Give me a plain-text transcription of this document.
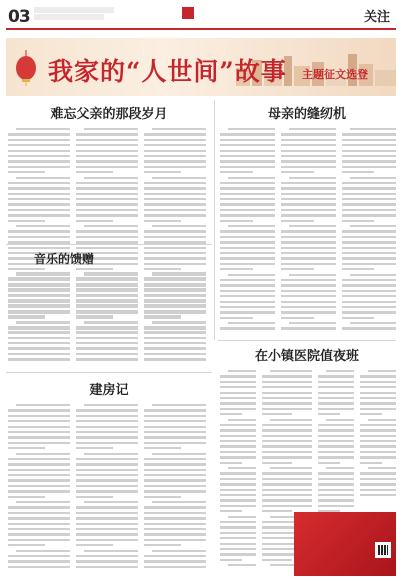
03	关注
我家的“人世间”故事 主题征文选登
难忘父亲的那段岁月	母亲的缝纫机
音乐的馈赠
在小镇医院值夜班
建房记
